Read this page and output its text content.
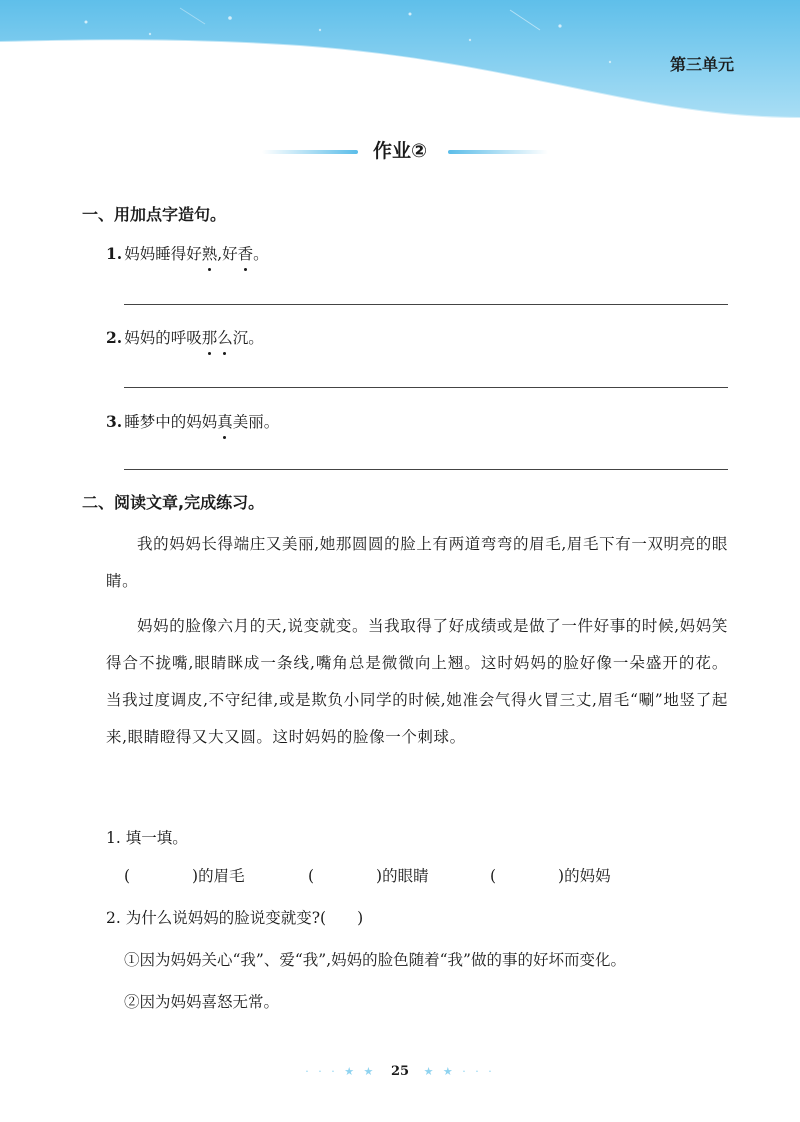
第三单元
作业②
一、用加点字造句。
1. 妈妈睡得好熟,好香。
2. 妈妈的呼吸那么沉。
3. 睡梦中的妈妈真美丽。
二、阅读文章,完成练习。
我的妈妈长得端庄又美丽,她那圆圆的脸上有两道弯弯的眉毛,眉毛下有一双明亮的眼睛。
妈妈的脸像六月的天,说变就变。当我取得了好成绩或是做了一件好事的时候,妈妈笑得合不拢嘴,眼睛眯成一条线,嘴角总是微微向上翘。这时妈妈的脸好像一朵盛开的花。当我过度调皮,不守纪律,或是欺负小同学的时候,她准会气得火冒三丈,眉毛“唰”地竖了起来,眼睛瞪得又大又圆。这时妈妈的脸像一个刺球。
1. 填一填。
(　　　　)的眉毛	(　　　　)的眼睛	(　　　　)的妈妈
2. 为什么说妈妈的脸说变就变?(　　)
①因为妈妈关心“我”、爱“我”,妈妈的脸色随着“我”做的事的好坏而变化。
②因为妈妈喜怒无常。
· · · ★ ★ 25 ★ ★ · · ·
